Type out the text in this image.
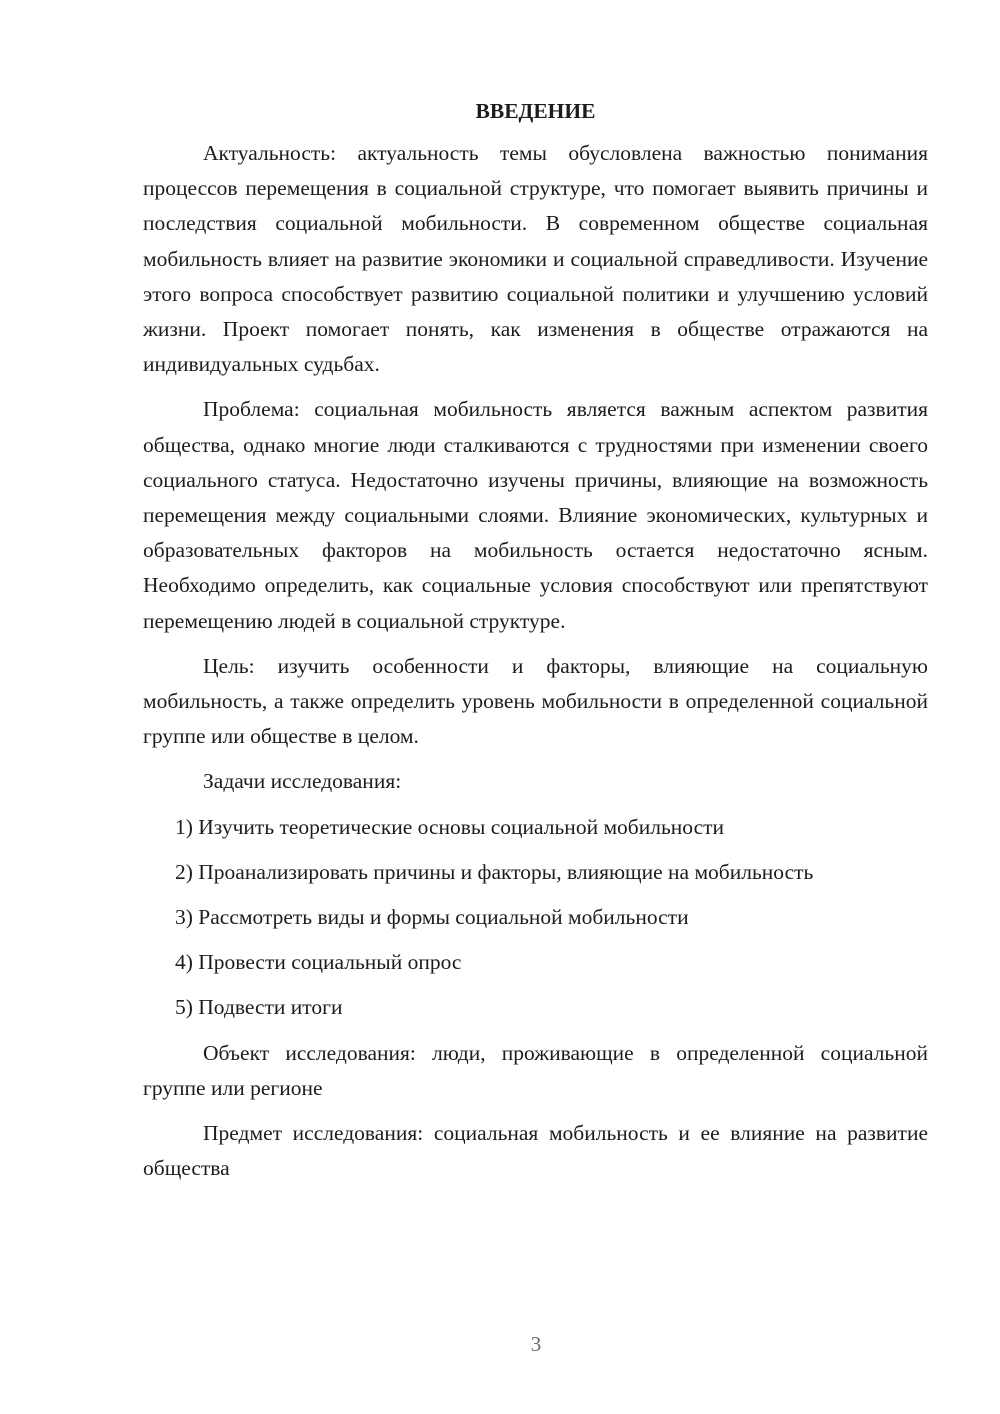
ВВЕДЕНИЕ

Актуальность: актуальность темы обусловлена важностью понимания процессов перемещения в социальной структуре, что помогает выявить причины и последствия социальной мобильности. В современном обществе социальная мобильность влияет на развитие экономики и социальной справедливости. Изучение этого вопроса способствует развитию социальной политики и улучшению условий жизни. Проект помогает понять, как изменения в обществе отражаются на индивидуальных судьбах.

Проблема: социальная мобильность является важным аспектом развития общества, однако многие люди сталкиваются с трудностями при изменении своего социального статуса. Недостаточно изучены причины, влияющие на возможность перемещения между социальными слоями. Влияние экономических, культурных и образовательных факторов на мобильность остается недостаточно ясным. Необходимо определить, как социальные условия способствуют или препятствуют перемещению людей в социальной структуре.

Цель: изучить особенности и факторы, влияющие на социальную мобильность, а также определить уровень мобильности в определенной социальной группе или обществе в целом.

Задачи исследования:

1) Изучить теоретические основы социальной мобильности
2) Проанализировать причины и факторы, влияющие на мобильность
3) Рассмотреть виды и формы социальной мобильности
4) Провести социальный опрос
5) Подвести итоги

Объект исследования: люди, проживающие в определенной социальной группе или регионе

Предмет исследования: социальная мобильность и ее влияние на развитие общества

3
